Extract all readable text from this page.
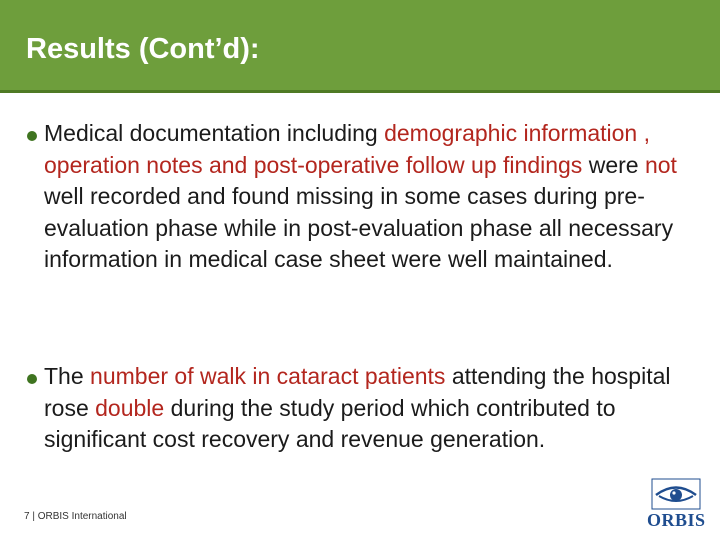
Results (Cont’d):
Medical documentation including demographic information , operation notes and post-operative follow up findings were not well recorded and found missing in some cases during pre-evaluation phase while in post-evaluation phase all necessary information in medical case sheet were well maintained.
The number of walk in cataract patients attending the hospital rose double during the study period which contributed to significant cost recovery and revenue generation.
7 | ORBIS International	ORBIS
